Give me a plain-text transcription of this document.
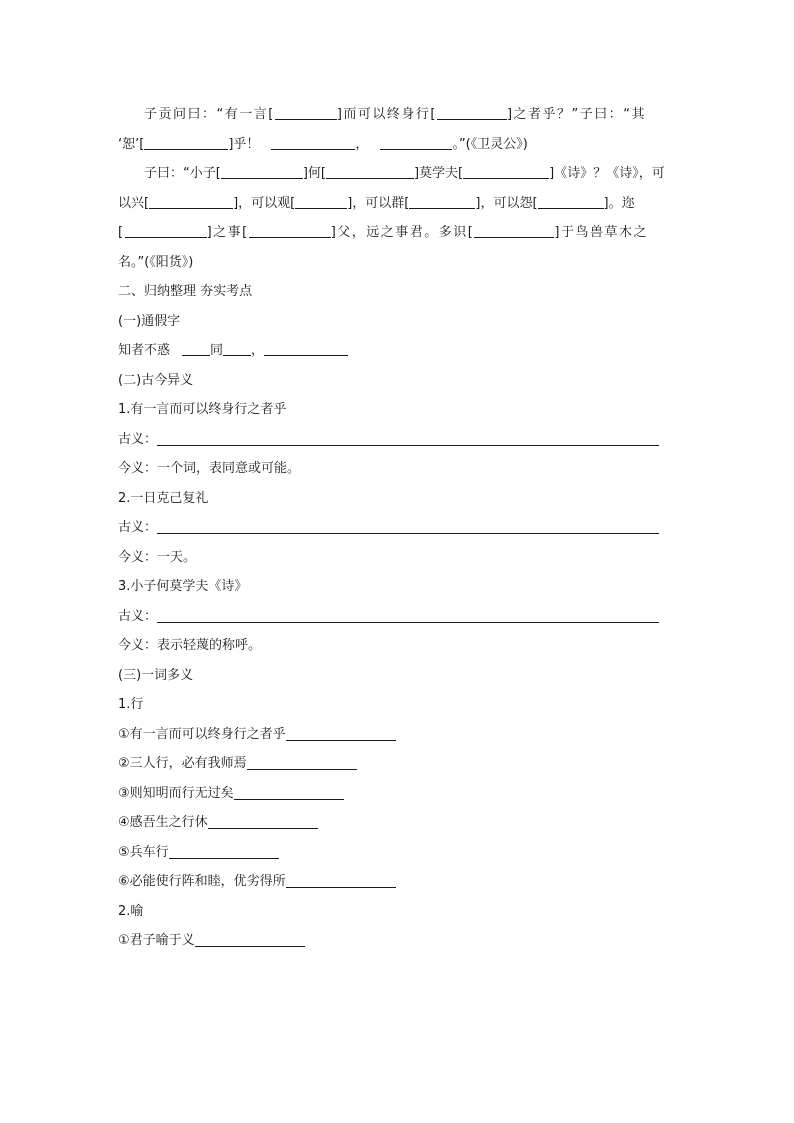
子贡问曰：“有一言[	]而可以终身行[	]之者乎？”子曰：“其
‘恕’[	]乎！	，	。”(《卫灵公》)
子曰：“小子[	]何[	]莫学夫[	]《诗》？《诗》，可
以兴[	]，可以观[	]，可以群[	]，可以怨[	]。迩
[	]之事[	]父，远之事君。多识[	]于鸟兽草木之
名。”(《阳货》)
二、归纳整理 夯实考点
(一)通假字
知者不惑	同 ，
(二)古今异义
1.有一言而可以终身行之者乎
古义：
今义：一个词，表同意或可能。
2.一日克己复礼
古义：
今义：一天。
3.小子何莫学夫《诗》
古义：
今义：表示轻蔑的称呼。
(三)一词多义
1.行
①有一言而可以终身行之者乎
②三人行，必有我师焉
③则知明而行无过矣
④感吾生之行休
⑤兵车行
⑥必能使行阵和睦，优劣得所
2.喻
①君子喻于义
